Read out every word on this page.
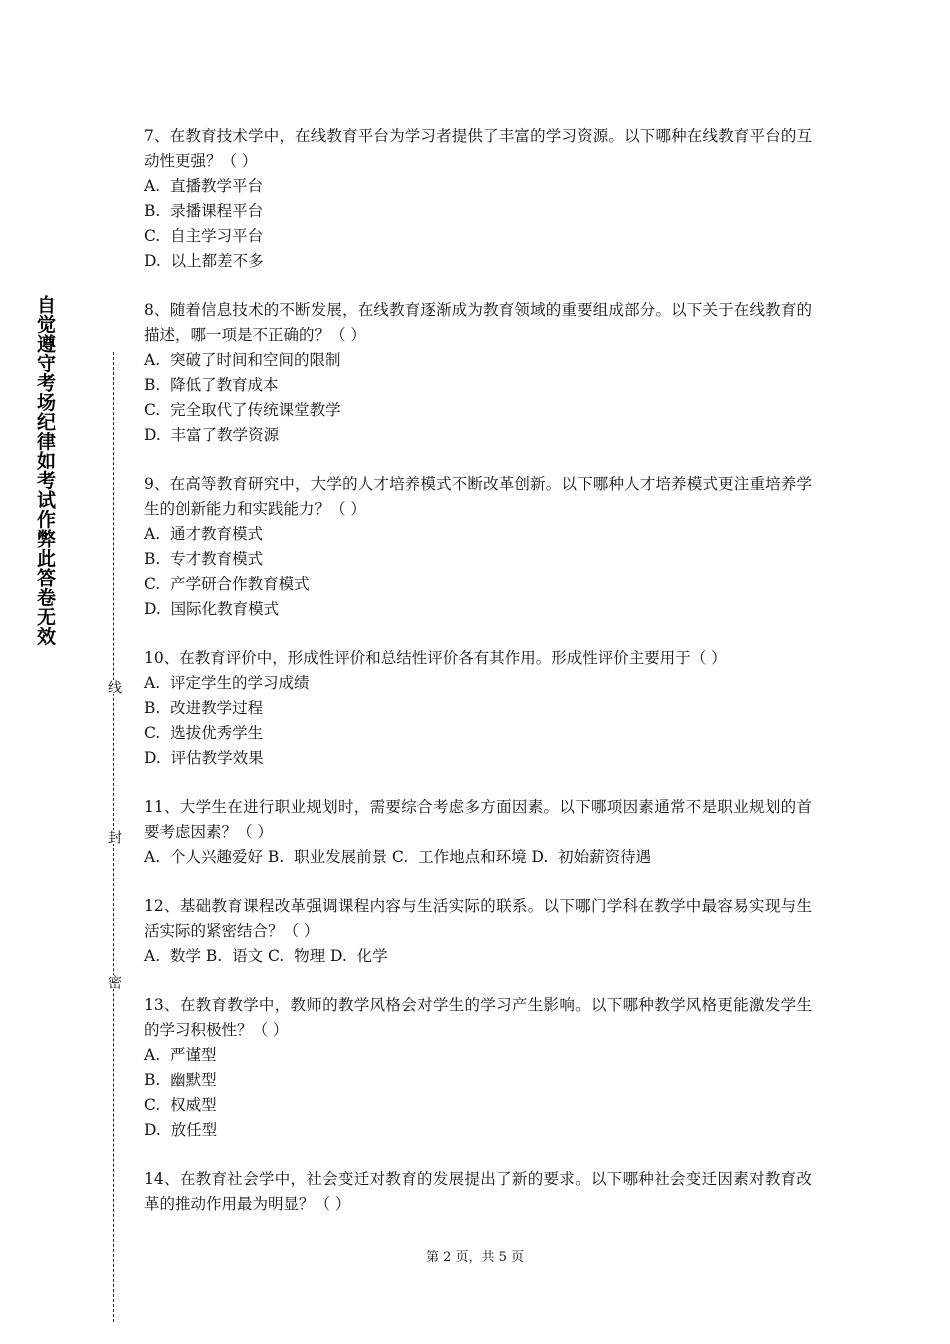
自觉遵守考场纪律如考试作弊此答卷无效
线
封
密

7、在教育技术学中，在线教育平台为学习者提供了丰富的学习资源。以下哪种在线教育平台的互动性更强？（ ）

A.  直播教学平台

B.  录播课程平台

C.  自主学习平台

D.  以上都差不多

8、随着信息技术的不断发展，在线教育逐渐成为教育领域的重要组成部分。以下关于在线教育的描述，哪一项是不正确的？（ ）

A.  突破了时间和空间的限制

B.  降低了教育成本

C.  完全取代了传统课堂教学

D.  丰富了教学资源

9、在高等教育研究中，大学的人才培养模式不断改革创新。以下哪种人才培养模式更注重培养学生的创新能力和实践能力？（ ）

A.  通才教育模式

B.  专才教育模式

C.  产学研合作教育模式

D.  国际化教育模式

10、在教育评价中，形成性评价和总结性评价各有其作用。形成性评价主要用于（ ）

A.  评定学生的学习成绩

B.  改进教学过程

C.  选拔优秀学生

D.  评估教学效果

11、大学生在进行职业规划时，需要综合考虑多方面因素。以下哪项因素通常不是职业规划的首要考虑因素？（ ）

A.  个人兴趣爱好 B.  职业发展前景 C.  工作地点和环境 D.  初始薪资待遇

12、基础教育课程改革强调课程内容与生活实际的联系。以下哪门学科在教学中最容易实现与生活实际的紧密结合？（ ）

A.  数学 B.  语文 C.  物理 D.  化学

13、在教育教学中，教师的教学风格会对学生的学习产生影响。以下哪种教学风格更能激发学生的学习积极性？（ ）

A.  严谨型

B.  幽默型

C.  权威型

D.  放任型

14、在教育社会学中，社会变迁对教育的发展提出了新的要求。以下哪种社会变迁因素对教育改革的推动作用最为明显？（ ）

第 2 页，共 5 页
